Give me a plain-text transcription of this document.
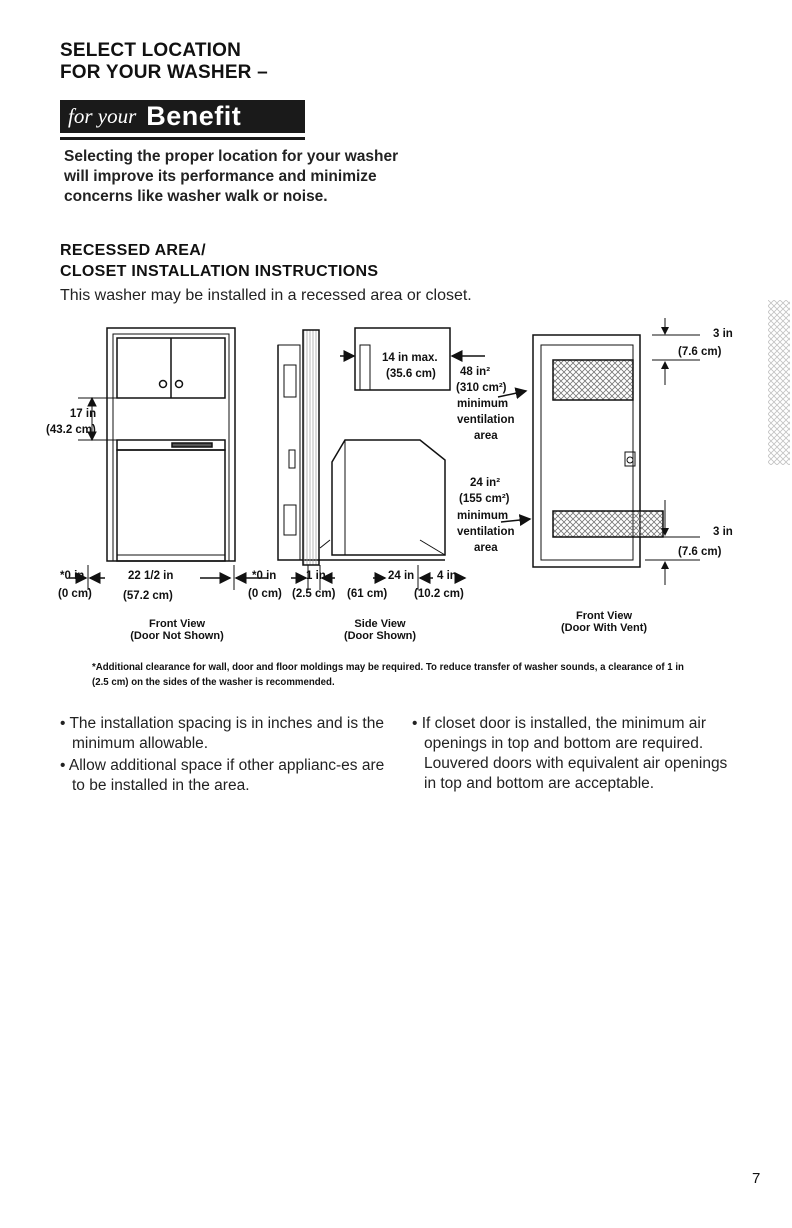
SELECT LOCATION
FOR YOUR WASHER –
for your Benefit
Selecting the proper location for your washer will improve its performance and minimize concerns like washer walk or noise.
RECESSED AREA/
CLOSET INSTALLATION INSTRUCTIONS
This washer may be installed in a recessed area or closet.
17 in
(43.2 cm)
*0 in
(0 cm)
22 1/2 in
(57.2 cm)
*0 in
(0 cm)
1 in
(2.5 cm)
24 in
(61 cm)
4 in
(10.2 cm)
14 in max.
(35.6 cm) 48 in²
(310 cm²)
minimum
ventilation
area
24 in²
(155 cm²)
minimum
ventilation
area
3 in
(7.6 cm)
3 in
(7.6 cm)
Front View
(Door Not Shown)
Side View
(Door Shown)
Front View
(Door With Vent)
*Additional clearance for wall, door and floor moldings may be required. To reduce transfer of washer sounds, a clearance of 1 in (2.5 cm) on the sides of the washer is recommended.
• The installation spacing is in inches and is the minimum allowable.
• Allow additional space if other applianc-es are to be installed in the area.
• If closet door is installed, the minimum air openings in top and bottom are required. Louvered doors with equivalent air openings in top and bottom are acceptable.
7
